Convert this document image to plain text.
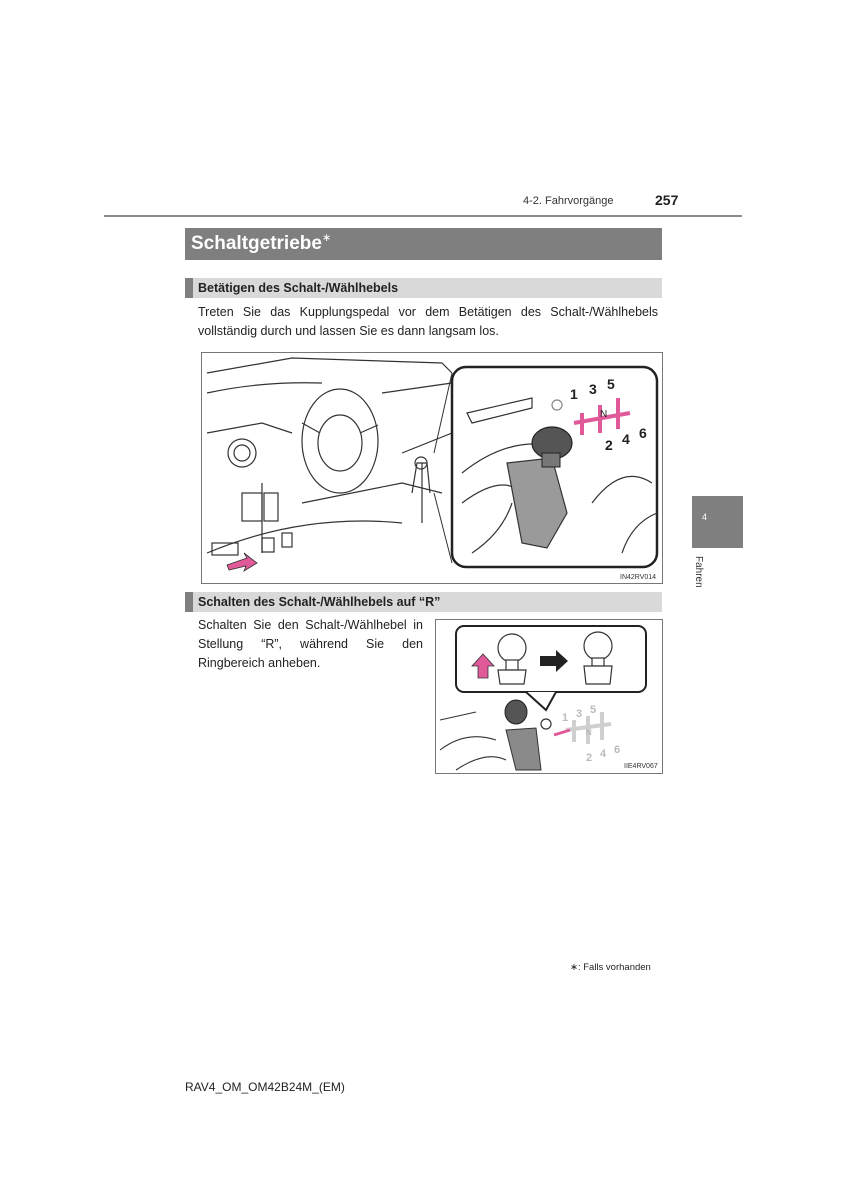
4-2. Fahrvorgänge	257
Schaltgetriebe∗
Betätigen des Schalt-/Wählhebels
Treten Sie das Kupplungspedal vor dem Betätigen des Schalt-/Wählhebels vollständig durch und lassen Sie es dann langsam los.
1 3 5
N
2 4 6
IN42RV014
Schalten des Schalt-/Wählhebels auf “R”
Schalten Sie den Schalt-/Wählhebel in Stellung “R”, während Sie den Ringbereich anheben.
1 3 5
N
2 4 6
IIE4RV067
4
Fahren
∗: Falls vorhanden
RAV4_OM_OM42B24M_(EM)
